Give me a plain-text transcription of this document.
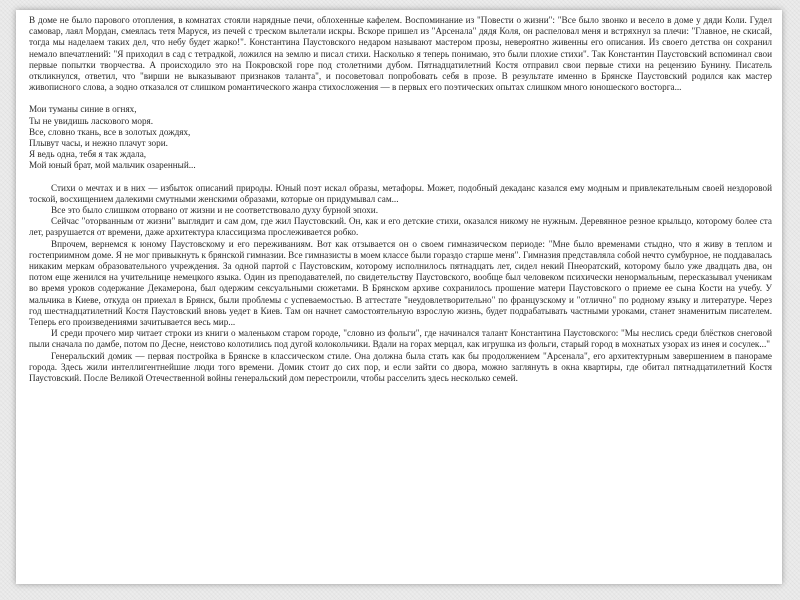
В доме не было парового отопления, в комнатах стояли нарядные печи, облоxенные кафелем. Воспоминание из "Повести о жизни": "Все было звонко и весело в доме у дяди Коли. Гудел самовар, лаял Мордан, смеялась тетя Маруся, из печей с треском вылетали искры. Вскоре пришел из "Арсенала" дядя Коля, он распеловал меня и встряхнул за плечи: "Главное, не скисай, тогда мы наделаем таких дел, что небу будет жарко!". Константина Паустовского недаром называют мастером прозы, невероятно живенны его описания. Из своего детства он сохранил немало впечатлений: "Я приходил в сад с тетрадкой, ложился на землю и писал стихи. Насколько я теперь понимаю, это были плохие стихи". Так Константин Паустовский вспоминал свои первые попытки творчества. А происходило это на Покровской горе под столетними дубом. Пятнадцатилетний Костя отправил свои первые стихи на рецензию Бунину. Писатель откликнулся, ответил, что "вирши не выказывают признаков таланта", и посоветовал попробовать себя в прозе. В результате именно в Брянске Паустовский родился как мастер живописного слова, а зодно отказался от слишком романтического жанра стихосложения — в первых его поэтических опытах слишком много юношеского восторга...

Мои туманы синие в огнях,
Ты не увидишь ласкового моря.
Все, словно ткань, все в золотых дождях,
Плывут часы, и нежно плачут зори.
Я ведь одна, тебя я так ждала,
Мой юный брат, мой мальчик озаренный...

Стихи о мечтах и в них — избыток описаний природы. Юный поэт искал образы, метафоры. Может, подобный декаданс казался ему модным и привлекательным своей нездоровой тоской, восхищением далекими смутными женскими образами, которые он придумывал сам...

Все это было слишком оторвано от жизни и не соответствовало духу бурной эпохи.

Сейчас "оторванным от жизни" выглядит и сам дом, где жил Паустовский. Он, как и его детские стихи, оказался никому не нужным. Деревянное резное крыльцо, которому более ста лет, разрушается от времени, даже архитектура классицизма прослеживается робко.

Впрочем, вернемся к юному Паустовскому и его переживаниям. Вот как отзывается он о своем гимназическом периоде: "Мне было временами стыдно, что я живу в теплом и гостеприимном доме. Я не мог привыкнуть к брянской гимназии. Все гимназисты в моем классе были гораздо старше меня". Гимназия представляла собой нечто сумбурное, не поддавалась никаким меркам образовательного учреждения. За одной партой с Паустовским, которому исполнилось пятнадцать лет, сидел некий Пнеоратский, которому было уже двадцать два, он потом еще женился на учительнице немецкого языка. Один из преподавателей, по свидетельству Паустовского, вообще был человеком психически ненормальным, пересказывал ученикам во время уроков содержание Декамерона, был одержим сексуальными сюжетами. В Брянском архиве сохранилось прошение матери Паустовского о приеме ее сына Кости на учебу. У мальчика в Киеве, откуда он приехал в Брянск, были проблемы с успеваемостью. В аттестате "неудовлетворительно" по французскому и "отлично" по родному языку и литературе. Через год шестнадцатилетний Костя Паустовский вновь уедет в Киев. Там он начнет самостоятельную взрослую жизнь, будет подрабатывать частными уроками, станет знаменитым писателем. Теперь его произведениями зачитывается весь мир...

И среди прочего мир читает строки из книги о маленьком старом городе, "словно из фольги", где начинался талант Константина Паустовского: "Мы неслись среди блёстков снеговой пыли сначала по дамбе, потом по Десне, неистово колотились под дугой колокольчики. Вдали на горах мерцал, как игрушка из фольги, старый город в мохнатых узорах из инея и сосулек..."

Генеральский домик — первая постройка в Брянске в классическом стиле. Она должна была стать как бы продолжением "Арсенала", его архитектурным завершением в панораме города. Здесь жили интеллигентнейшие люди того времени. Домик стоит до сих пор, и если зайти со двора, можно заглянуть в окна квартиры, где обитал пятнадцатилетний Костя Паустовский. После Великой Отечественной войны генеральский дом перестроили, чтобы расселить здесь несколько семей.
